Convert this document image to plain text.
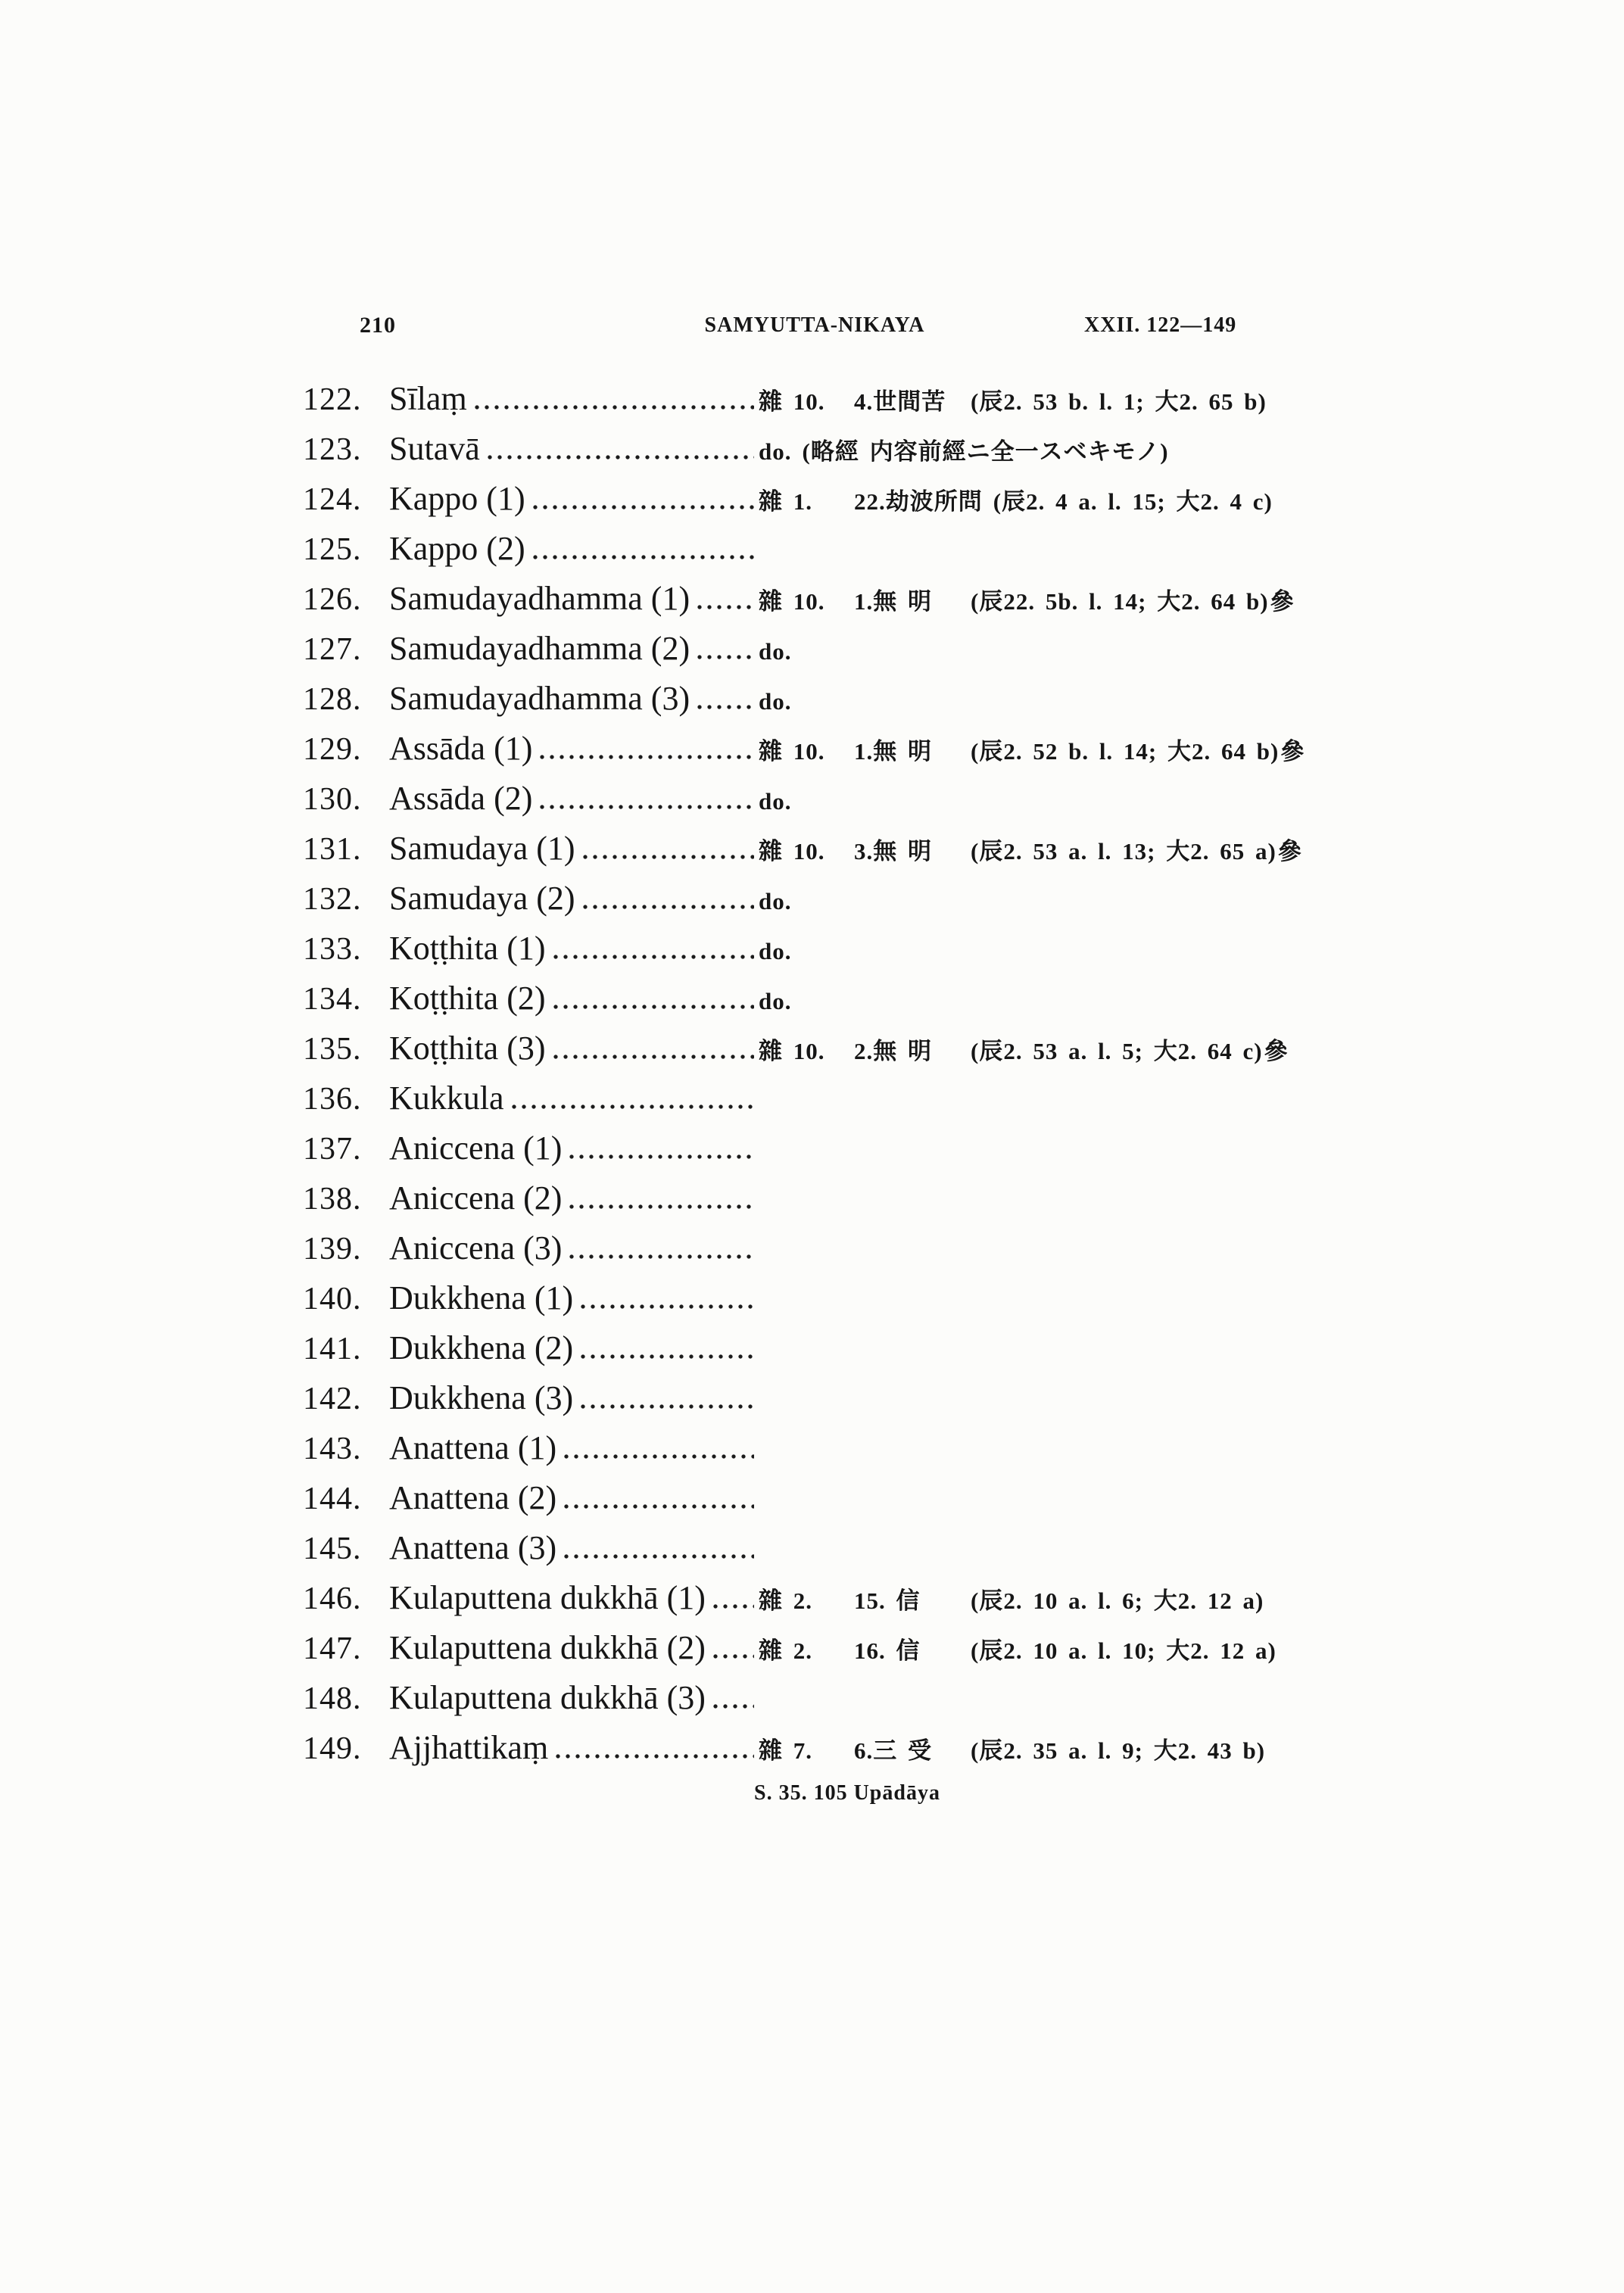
210	SAMYUTTA-NIKAYA	XXII. 122—149
122. Sīlaṃ	雜 10. 4.世間苦 (辰2. 53 b. l. 1; 大2. 65 b)
123. Sutavā	do. (略經 内容前經ニ全一スベキモノ)
124. Kappo (1)	雜 1. 22.劫波所問 (辰2. 4 a. l. 15; 大2. 4 c)
125. Kappo (2)
126. Samudayadhamma (1)	雜 10. 1.無 明 (辰22. 5b. l. 14; 大2. 64 b)參
127. Samudayadhamma (2)	do.
128. Samudayadhamma (3)	do.
129. Assāda (1)	雜 10. 1.無 明 (辰2. 52 b. l. 14; 大2. 64 b)參
130. Assāda (2)	do.
131. Samudaya (1)	雜 10. 3.無 明 (辰2. 53 a. l. 13; 大2. 65 a)參
132. Samudaya (2)	do.
133. Koṭṭhita (1)	do.
134. Koṭṭhita (2)	do.
135. Koṭṭhita (3)	雜 10. 2.無 明 (辰2. 53 a. l. 5; 大2. 64 c)參
136. Kukkula
137. Aniccena (1)
138. Aniccena (2)
139. Aniccena (3)
140. Dukkhena (1)
141. Dukkhena (2)
142. Dukkhena (3)
143. Anattena (1)
144. Anattena (2)
145. Anattena (3)
146. Kulaputtena dukkhā (1) 雜 2. 15. 信 (辰2. 10 a. l. 6; 大2. 12 a)
147. Kulaputtena dukkhā (2) 雜 2. 16. 信 (辰2. 10 a. l. 10; 大2. 12 a)
148. Kulaputtena dukkhā (3)
149. Ajjhattikaṃ	雜 7. 6.三 受 (辰2. 35 a. l. 9; 大2. 43 b)
S. 35. 105 Upādāya
